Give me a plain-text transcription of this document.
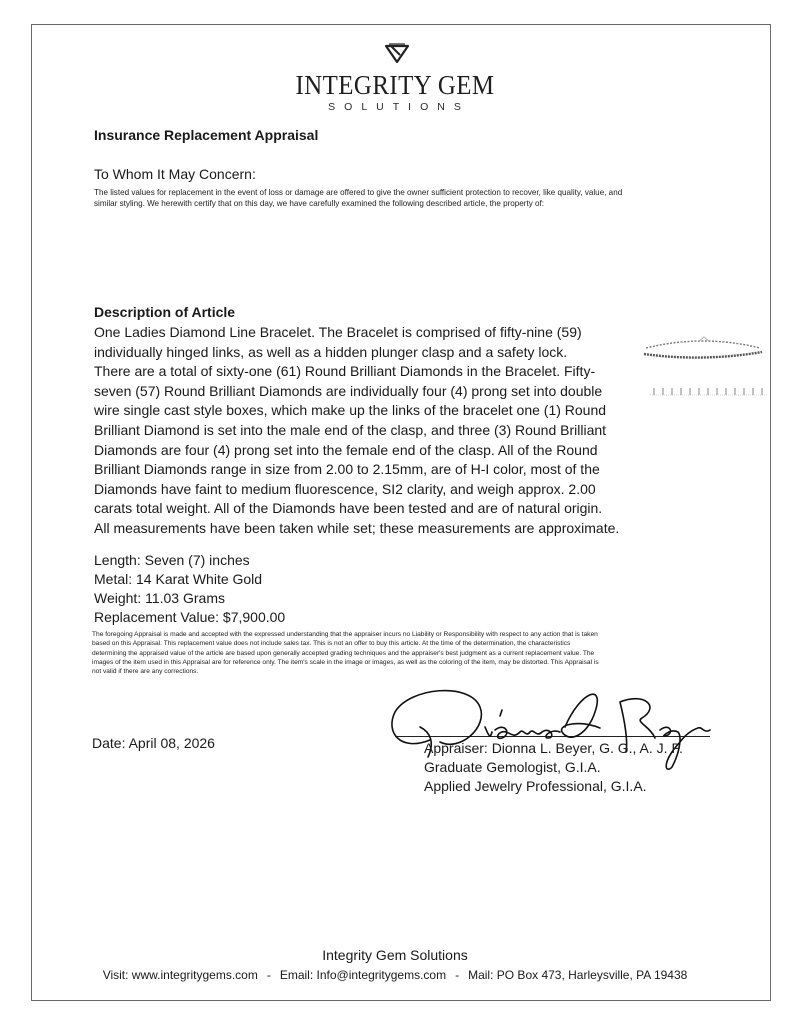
INTEGRITY GEM
SOLUTIONS
Insurance Replacement Appraisal
To Whom It May Concern:
The listed values for replacement in the event of loss or damage are offered to give the owner sufficient protection to recover, like quality, value, and
similar styling. We herewith certify that on this day, we have carefully examined the following described article, the property of:
Description of Article
One Ladies Diamond Line Bracelet. The Bracelet is comprised of fifty-nine (59)
individually hinged links, as well as a hidden plunger clasp and a safety lock.
There are a total of sixty-one (61) Round Brilliant Diamonds in the Bracelet. Fifty-
seven (57) Round Brilliant Diamonds are individually four (4) prong set into double
wire single cast style boxes, which make up the links of the bracelet one (1) Round
Brilliant Diamond is set into the male end of the clasp, and three (3) Round Brilliant
Diamonds are four (4) prong set into the female end of the clasp. All of the Round
Brilliant Diamonds range in size from 2.00 to 2.15mm, are of H-I color, most of the
Diamonds have faint to medium fluorescence, SI2 clarity, and weigh approx. 2.00
carats total weight. All of the Diamonds have been tested and are of natural origin.
All measurements have been taken while set; these measurements are approximate.
Length: Seven (7) inches
Metal: 14 Karat White Gold
Weight: 11.03 Grams
Replacement Value: $7,900.00
The foregoing Appraisal is made and accepted with the expressed understanding that the appraiser incurs no Liability or Responsibility with respect to any action that is taken
based on this Appraisal. This replacement value does not include sales tax. This is not an offer to buy this article. At the time of the determination, the characteristics
determining the appraised value of the article are based upon generally accepted grading techniques and the appraiser's best judgment as a current replacement value. The
images of the item used in this Appraisal are for reference only. The item's scale in the image or images, as well as the coloring of the item, may be distorted. This Appraisal is
not valid if there are any corrections.
Date: April 08, 2026	Appraiser: Dionna L. Beyer, G. G., A. J. P.
Graduate Gemologist, G.I.A.
Applied Jewelry Professional, G.I.A.
Integrity Gem Solutions
Visit: www.integritygems.com - Email: Info@integritygems.com - Mail: PO Box 473, Harleysville, PA 19438
